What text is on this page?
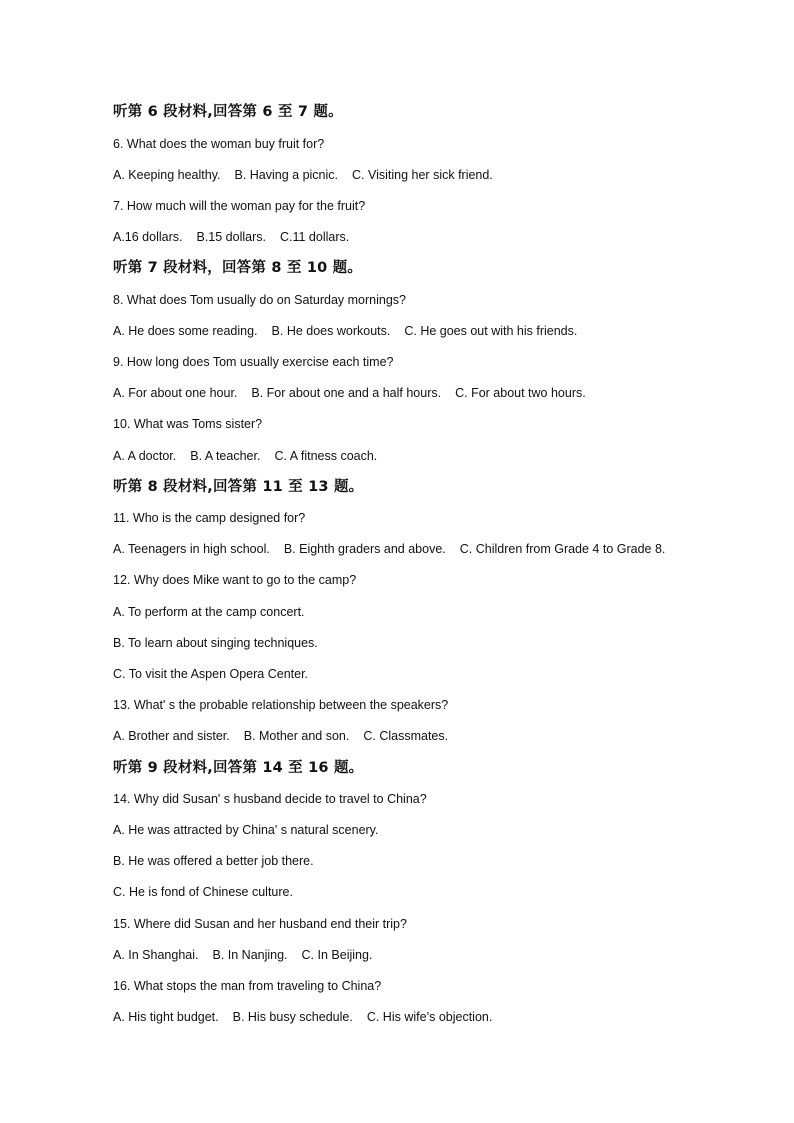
听第 6 段材料,回答第 6 至 7 题。
6. What does the woman buy fruit for?
A. Keeping healthy. B. Having a picnic. C. Visiting her sick friend.
7. How much will the woman pay for the fruit?
A.16 dollars. B.15 dollars. C.11 dollars.
听第 7 段材料，回答第 8 至 10 题。
8. What does Tom usually do on Saturday mornings?
A. He does some reading. B. He does workouts. C. He goes out with his friends.
9. How long does Tom usually exercise each time?
A. For about one hour. B. For about one and a half hours. C. For about two hours.
10. What was Toms sister?
A. A doctor. B. A teacher. C. A fitness coach.
听第 8 段材料,回答第 11 至 13 题。
11. Who is the camp designed for?
A. Teenagers in high school. B. Eighth graders and above. C. Children from Grade 4 to Grade 8.
12. Why does Mike want to go to the camp?
A. To perform at the camp concert.
B. To learn about singing techniques.
C. To visit the Aspen Opera Center.
13. What' s the probable relationship between the speakers?
A. Brother and sister. B. Mother and son. C. Classmates.
听第 9 段材料,回答第 14 至 16 题。
14. Why did Susan' s husband decide to travel to China?
A. He was attracted by China' s natural scenery.
B. He was offered a better job there.
C. He is fond of Chinese culture.
15. Where did Susan and her husband end their trip?
A. In Shanghai. B. In Nanjing. C. In Beijing.
16. What stops the man from traveling to China?
A. His tight budget. B. His busy schedule. C. His wife’s objection.
